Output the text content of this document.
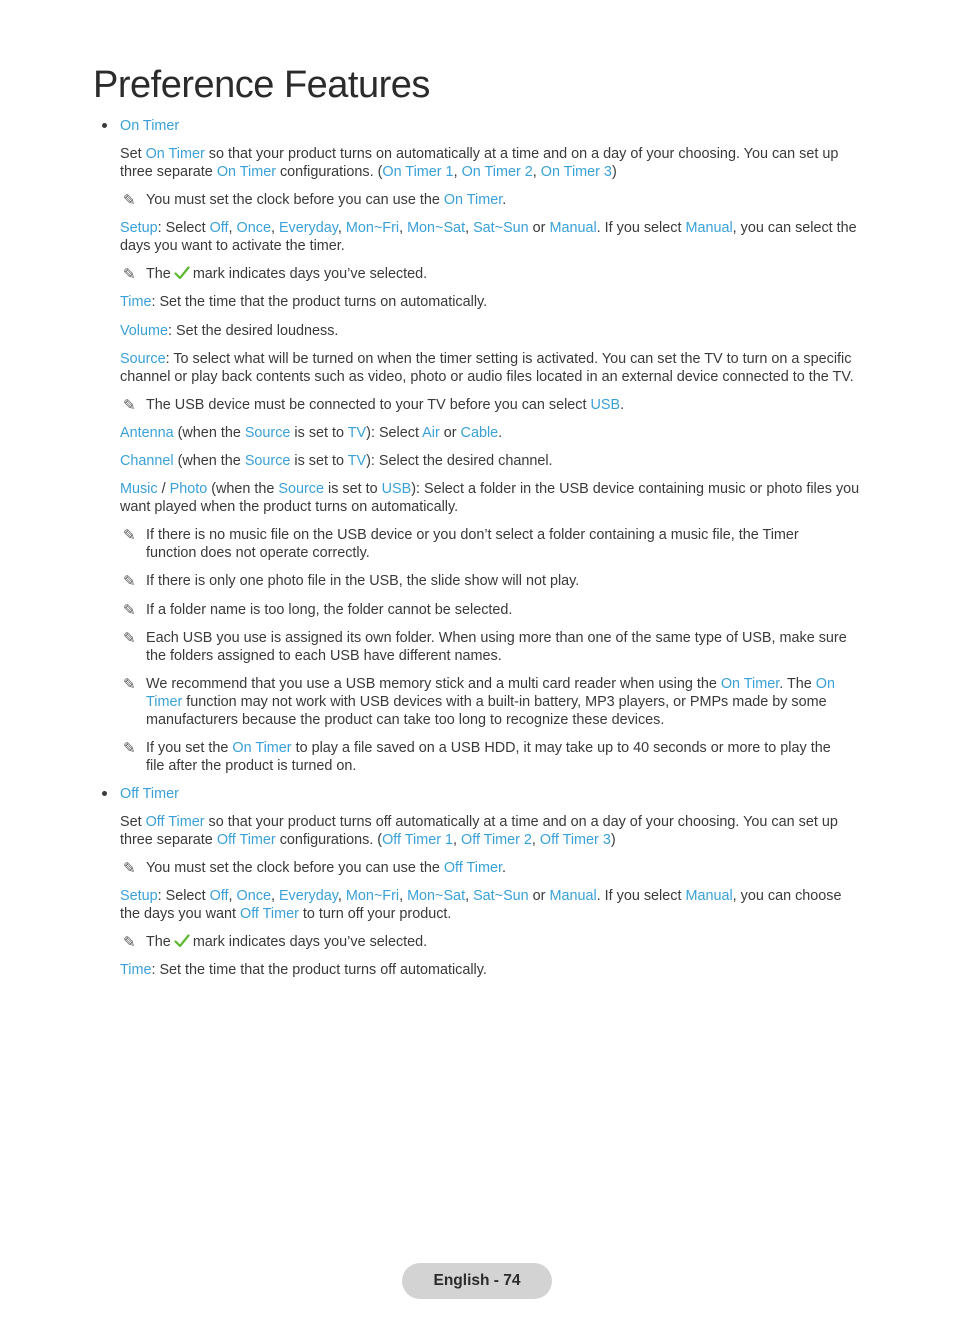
Preference Features
On Timer
Set On Timer so that your product turns on automatically at a time and on a day of your choosing. You can set up
three separate On Timer configurations. (On Timer 1, On Timer 2, On Timer 3)
✎ You must set the clock before you can use the On Timer.
Setup: Select Off, Once, Everyday, Mon~Fri, Mon~Sat, Sat~Sun or Manual. If you select Manual, you can select the
days you want to activate the timer.
✎ The mark indicates days you’ve selected.
Time: Set the time that the product turns on automatically.
Volume: Set the desired loudness.
Source: To select what will be turned on when the timer setting is activated. You can set the TV to turn on a specific
channel or play back contents such as video, photo or audio files located in an external device connected to the TV.
✎ The USB device must be connected to your TV before you can select USB.
Antenna (when the Source is set to TV): Select Air or Cable.
Channel (when the Source is set to TV): Select the desired channel.
Music / Photo (when the Source is set to USB): Select a folder in the USB device containing music or photo files you
want played when the product turns on automatically.
✎ If there is no music file on the USB device or you don’t select a folder containing a music file, the Timer
function does not operate correctly.
✎ If there is only one photo file in the USB, the slide show will not play.
✎ If a folder name is too long, the folder cannot be selected.
✎ Each USB you use is assigned its own folder. When using more than one of the same type of USB, make sure
the folders assigned to each USB have different names.
✎ We recommend that you use a USB memory stick and a multi card reader when using the On Timer. The On
Timer function may not work with USB devices with a built-in battery, MP3 players, or PMPs made by some
manufacturers because the product can take too long to recognize these devices.
✎ If you set the On Timer to play a file saved on a USB HDD, it may take up to 40 seconds or more to play the
file after the product is turned on.
Off Timer
Set Off Timer so that your product turns off automatically at a time and on a day of your choosing. You can set up
three separate Off Timer configurations. (Off Timer 1, Off Timer 2, Off Timer 3)
✎ You must set the clock before you can use the Off Timer.
Setup: Select Off, Once, Everyday, Mon~Fri, Mon~Sat, Sat~Sun or Manual. If you select Manual, you can choose
the days you want Off Timer to turn off your product.
✎ The mark indicates days you’ve selected.
Time: Set the time that the product turns off automatically.
English - 74
